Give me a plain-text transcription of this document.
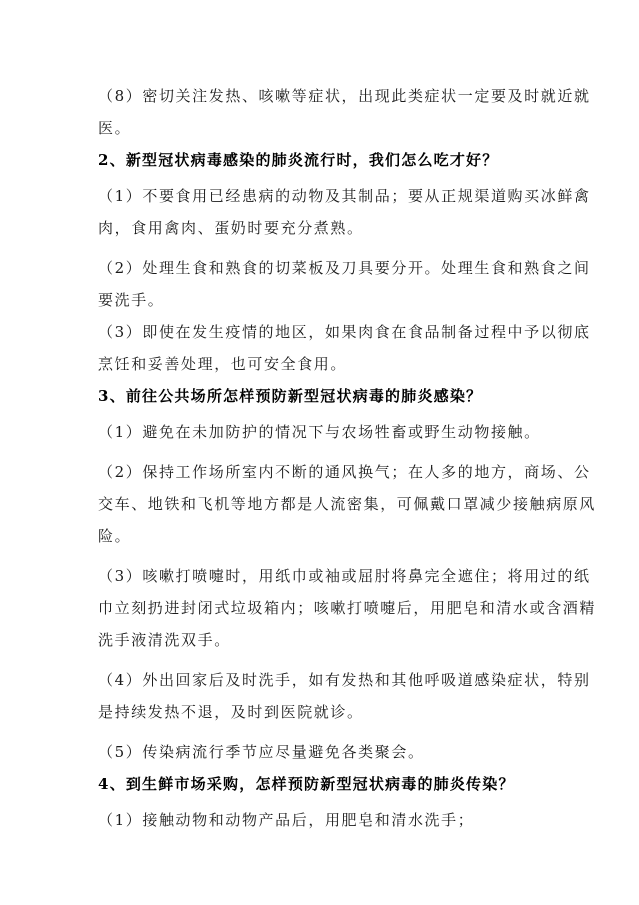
（8）密切关注发热、咳嗽等症状，出现此类症状一定要及时就近就
医。
2、新型冠状病毒感染的肺炎流行时，我们怎么吃才好？
（1）不要食用已经患病的动物及其制品；要从正规渠道购买冰鲜禽
肉，食用禽肉、蛋奶时要充分煮熟。
（2）处理生食和熟食的切菜板及刀具要分开。处理生食和熟食之间
要洗手。
（3）即使在发生疫情的地区，如果肉食在食品制备过程中予以彻底
烹饪和妥善处理，也可安全食用。
3、前往公共场所怎样预防新型冠状病毒的肺炎感染？
（1）避免在未加防护的情况下与农场牲畜或野生动物接触。
（2）保持工作场所室内不断的通风换气；在人多的地方，商场、公
交车、地铁和飞机等地方都是人流密集，可佩戴口罩减少接触病原风
险。
（3）咳嗽打喷嚏时，用纸巾或袖或屈肘将鼻完全遮住；将用过的纸
巾立刻扔进封闭式垃圾箱内；咳嗽打喷嚏后，用肥皂和清水或含酒精
洗手液清洗双手。
（4）外出回家后及时洗手，如有发热和其他呼吸道感染症状，特别
是持续发热不退，及时到医院就诊。
（5）传染病流行季节应尽量避免各类聚会。
4、到生鲜市场采购，怎样预防新型冠状病毒的肺炎传染？
（1）接触动物和动物产品后，用肥皂和清水洗手；
